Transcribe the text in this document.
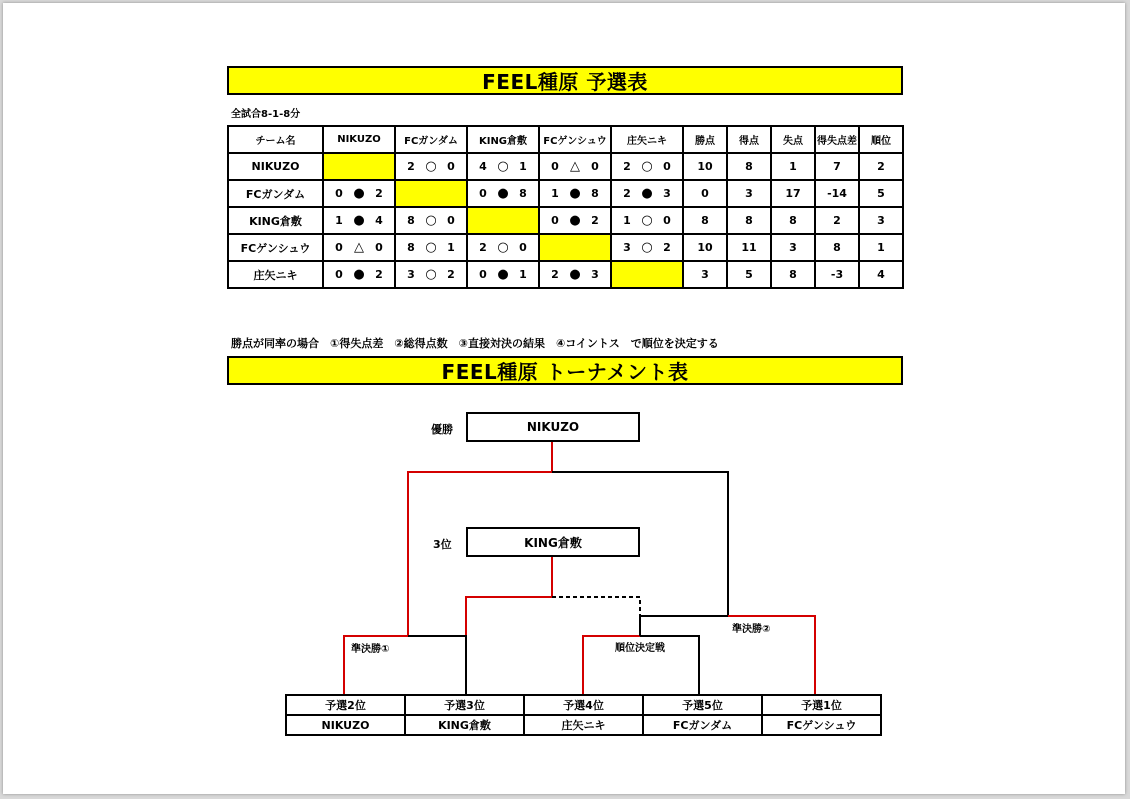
FEEL種原 予選表
全試合8-1-8分
チーム名	NIKUZO	FCガンダム	KING倉敷	FCゲンシュウ	庄矢ニキ	勝点	得点	失点	得失点差	順位
NIKUZO		2 ○ 0	4 ○ 1	0 △ 0	2 ○ 0	10	8	1	7	2
FCガンダム	0 ● 2		0 ● 8	1 ● 8	2 ● 3	0	3	17	-14	5
KING倉敷	1 ● 4	8 ○ 0		0 ● 2	1 ○ 0	8	8	8	2	3
FCゲンシュウ	0 △ 0	8 ○ 1	2 ○ 0		3 ○ 2	10	11	3	8	1
庄矢ニキ	0 ● 2	3 ○ 2	0 ● 1	2 ● 3		3	5	8	-3	4
勝点が同率の場合　①得失点差　②総得点数　③直接対決の結果　④コイントス　で順位を決定する
FEEL種原 トーナメント表
優勝	NIKUZO
3位	KING倉敷
準決勝①
準決勝②
順位決定戦
予選2位	予選3位	予選4位	予選5位	予選1位
NIKUZO	KING倉敷	庄矢ニキ	FCガンダム	FCゲンシュウ
